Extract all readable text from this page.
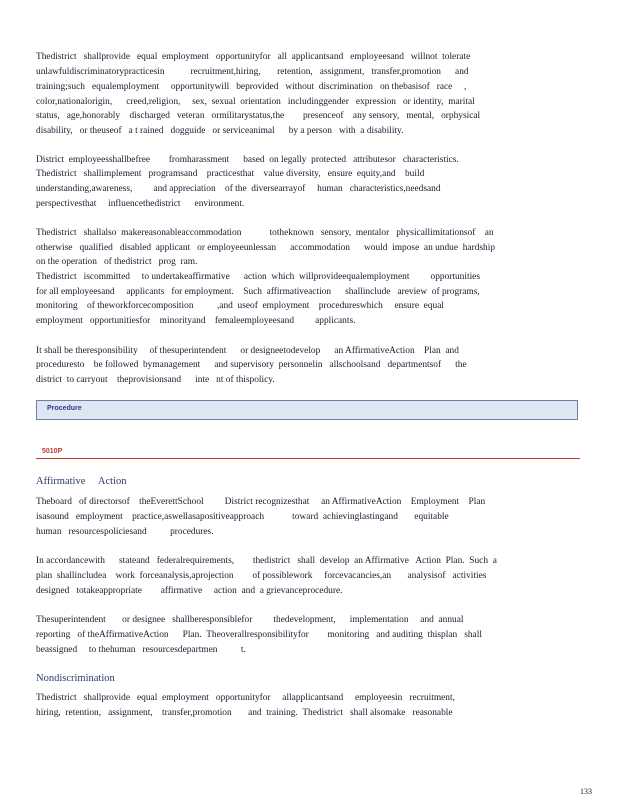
Thedistrict   shallprovide   equal  employment   opportunityfor   all  applicantsand   employeesand   willnot  tolerate
unlawfuldiscriminatorypracticesin           recruitment,hiring,       retention,   assignment,   transfer,promotion      and
training;such   equalemployment     opportunitywill   beprovided   without  discrimination   on thebasisof   race     ,
color,nationalorigin,      creed,religion,     sex,  sexual  orientation   includinggender   expression   or identity,  marital
status,   age,honorably    discharged   veteran   ormilitarystatus,the        presenceof    any sensory,   mental,   orphysical
disability,   or theuseof   a t rained   dogguide   or serviceanimal      by a person   with  a disability.
District  employeesshallbefree        fromharassment      based  on legally  protected   attributesor   characteristics.
Thedistrict   shallimplement   programsand    practicesthat    value diversity,   ensure  equity,and    build
understanding,awareness,         and appreciation    of the  diversearrayof     human   characteristics,needsand
perspectivesthat     influencethedistrict      environment.
Thedistrict   shallalso  makereasonableaccommodation            totheknown   sensory,  mentalor   physicallimitationsof    an
otherwise   qualified   disabled  applicant   or employeeunlessan      accommodation      would  impose  an undue  hardship
on the operation   of thedistrict   prog  ram.
Thedistrict   iscommitted     to undertakeaffirmative      action  which  willprovideequalemployment         opportunities
for all employeesand     applicants   for employment.    Such  affirmativeaction      shallinclude   areview  of programs,
monitoring    of theworkforcecomposition          ,and  useof  employment    procedureswhich     ensure  equal
employment   opportunitiesfor    minorityand    femaleemployeesand         applicants.
It shall be theresponsibility     of thesuperintendent      or designeetodevelop      an AffirmativeAction    Plan  and
proceduresto    be followed  bymanagement      and supervisory  personnelin   allschoolsand   departmentsof      the
district  to carryout    theprovisionsand      inte   nt of thispolicy.
Procedure
5010P
Affirmative     Action
Theboard   of directorsof    theEverettSchool         District recognizesthat     an AffirmativeAction    Employment    Plan
isasound   employment    practice,aswellasapositiveapproach            toward  achievinglastingand       equitable
human   resourcespoliciesand          procedures.
In accordancewith      stateand   federalrequirements,        thedistrict   shall  develop  an Affirmative   Action  Plan.  Such  a
plan  shallincludea    work  forceanalysis,aprojection        of possiblework     forcevacancies,an       analysisof   activities
designed   totakeappropriate        affirmative     action  and  a grievanceprocedure.
Thesuperintendent       or designee   shallberesponsiblefor         thedevelopment,      implementation     and  annual
reporting   of theAffirmativeAction      Plan.  Theoverallresponsibilityfor        monitoring   and auditing  thisplan   shall
beassigned     to thehuman   resourcesdepartmen          t.
Nondiscrimination
Thedistrict   shallprovide   equal  employment   opportunityfor     allapplicantsand     employeesin   recruitment,
hiring,  retention,   assignment,    transfer,promotion       and  training.  Thedistrict   shall alsomake   reasonable
133
